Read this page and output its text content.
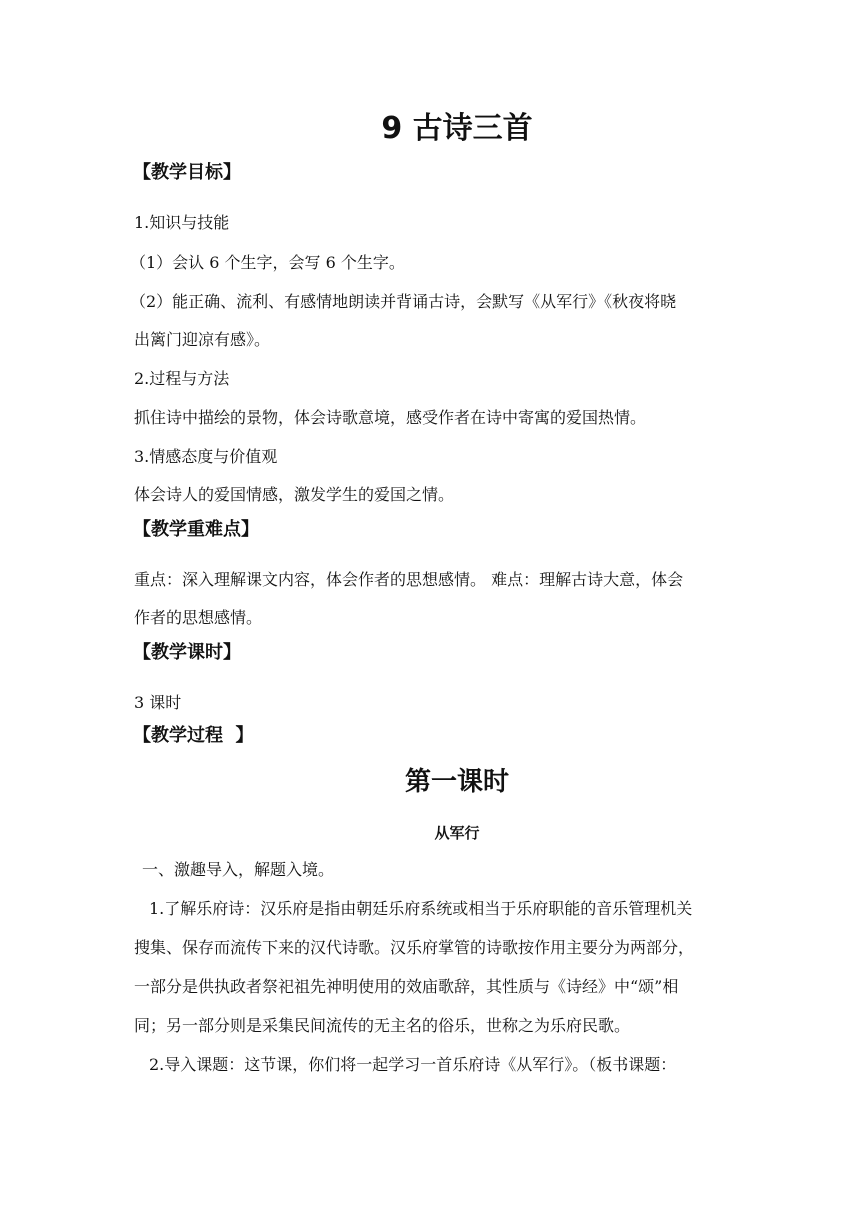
9 古诗三首
【教学目标】
1.知识与技能
（1）会认 6 个生字，会写 6 个生字。
（2）能正确、流利、有感情地朗读并背诵古诗，会默写《从军行》《秋夜将晓
出篱门迎凉有感》。
2.过程与方法
抓住诗中描绘的景物，体会诗歌意境，感受作者在诗中寄寓的爱国热情。
3.情感态度与价值观
体会诗人的爱国情感，激发学生的爱国之情。
【教学重难点】
重点：深入理解课文内容，体会作者的思想感情。 难点：理解古诗大意，体会
作者的思想感情。
【教学课时】
3 课时
【教学过程  】
第一课时
从军行
一、激趣导入，解题入境。
1.了解乐府诗：汉乐府是指由朝廷乐府系统或相当于乐府职能的音乐管理机关
搜集、保存而流传下来的汉代诗歌。汉乐府掌管的诗歌按作用主要分为两部分，
一部分是供执政者祭祀祖先神明使用的效庙歌辞，其性质与《诗经》中“颂”相
同；另一部分则是采集民间流传的无主名的俗乐，世称之为乐府民歌。
2.导入课题：这节课，你们将一起学习一首乐府诗《从军行》。（板书课题：
